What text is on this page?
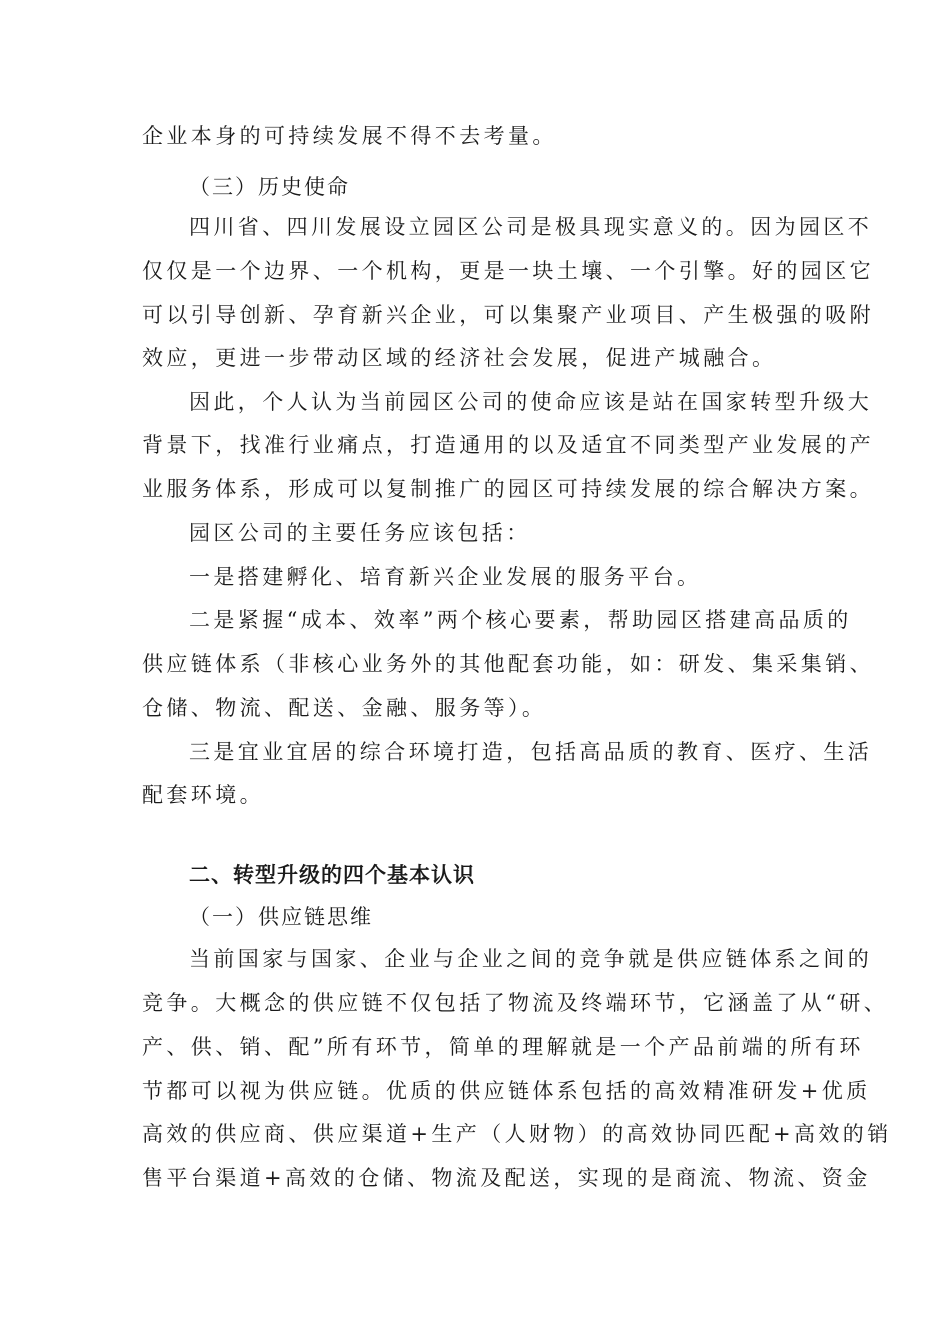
企业本身的可持续发展不得不去考量。
（三）历史使命
四川省、四川发展设立园区公司是极具现实意义的。因为园区不
仅仅是一个边界、一个机构，更是一块土壤、一个引擎。好的园区它
可以引导创新、孕育新兴企业，可以集聚产业项目、产生极强的吸附
效应，更进一步带动区域的经济社会发展，促进产城融合。
因此，个人认为当前园区公司的使命应该是站在国家转型升级大
背景下，找准行业痛点，打造通用的以及适宜不同类型产业发展的产
业服务体系，形成可以复制推广的园区可持续发展的综合解决方案。
园区公司的主要任务应该包括：
一是搭建孵化、培育新兴企业发展的服务平台。
二是紧握“成本、效率”两个核心要素，帮助园区搭建高品质的
供应链体系（非核心业务外的其他配套功能，如：研发、集采集销、
仓储、物流、配送、金融、服务等）。
三是宜业宜居的综合环境打造，包括高品质的教育、医疗、生活
配套环境。
二、转型升级的四个基本认识
（一）供应链思维
当前国家与国家、企业与企业之间的竞争就是供应链体系之间的
竞争。大概念的供应链不仅包括了物流及终端环节，它涵盖了从“研、
产、供、销、配”所有环节，简单的理解就是一个产品前端的所有环
节都可以视为供应链。优质的供应链体系包括的高效精准研发+优质
高效的供应商、供应渠道+生产（人财物）的高效协同匹配+高效的销
售平台渠道+高效的仓储、物流及配送，实现的是商流、物流、资金
